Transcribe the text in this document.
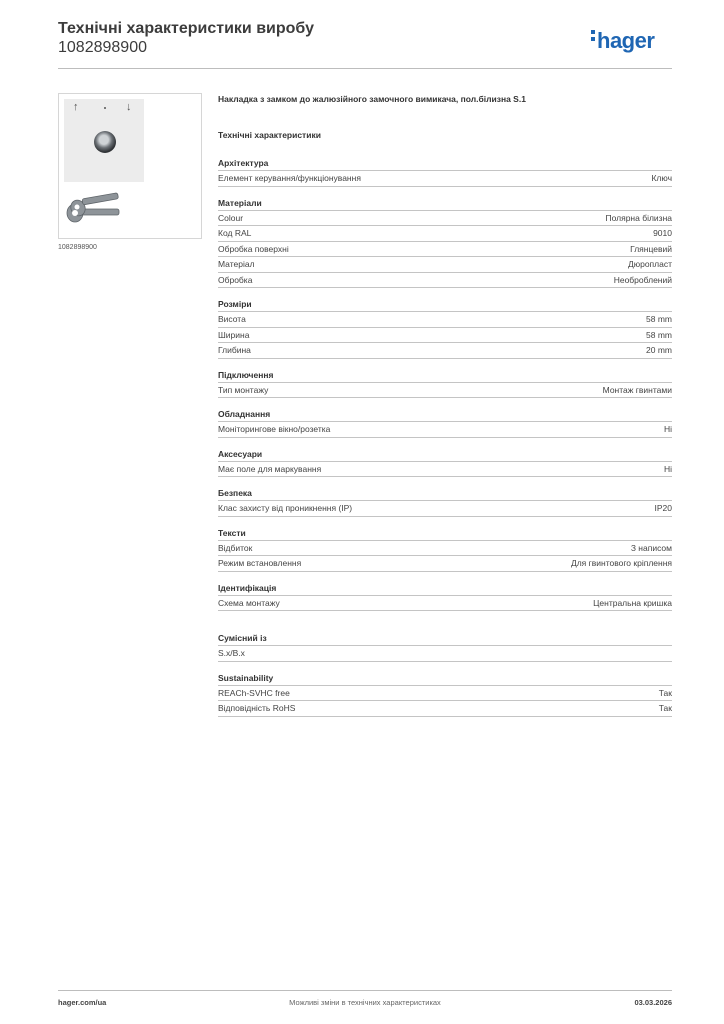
Технічні характеристики виробу
1082898900	hager
↑	↓
1082898900
Накладка з замком до жалюзійного замочного вимикача, пол.білизна S.1
Технічні характеристики
Архітектура
Елемент керування/функціонування	Ключ
Матеріали
Colour	Полярна білизна
Код RAL	9010
Обробка поверхні	Глянцевий
Матеріал	Дюропласт
Обробка	Необроблений
Розміри
Висота	58 mm
Ширина	58 mm
Глибина	20 mm
Підключення
Тип монтажу	Монтаж гвинтами
Обладнання
Моніторингове вікно/розетка	Ні
Аксесуари
Має поле для маркування	Ні
Безпека
Клас захисту від проникнення (IP)	IP20
Тексти
Відбиток	З написом
Режим встановлення	Для гвинтового кріплення
Ідентифікація
Схема монтажу	Центральна кришка
Сумісний із
S.x/B.x
Sustainability
REACh-SVHC free	Так
Відповідність RoHS	Так
hager.com/ua	Можливі зміни в технічних характеристиках	03.03.2026
